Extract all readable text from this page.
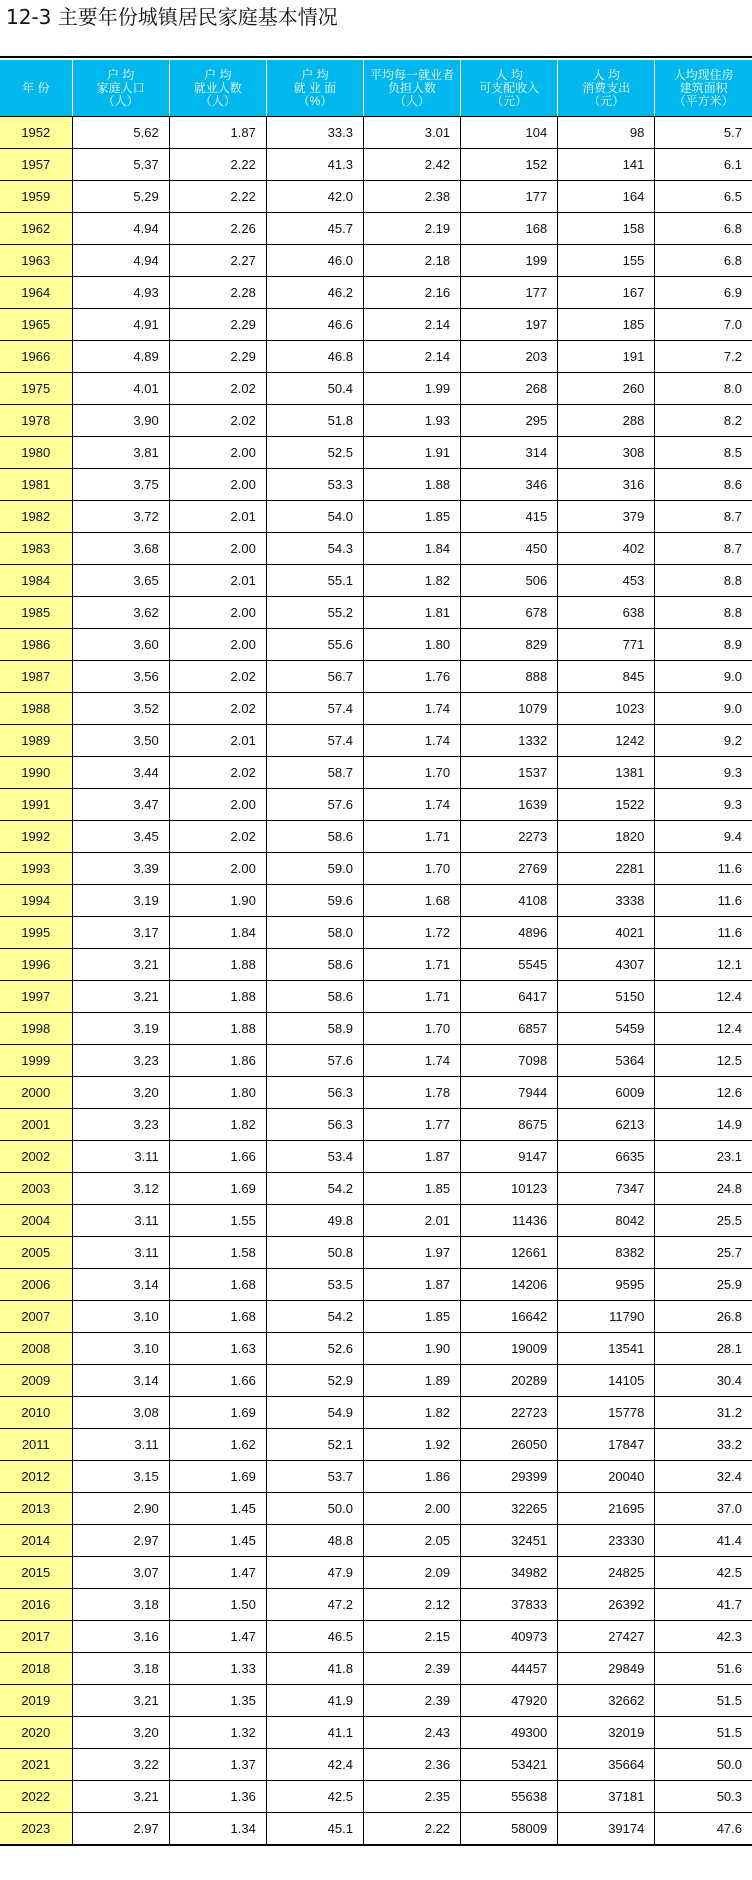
12-3 主要年份城镇居民家庭基本情况
年 份	户 均
家庭人口
（人）	户 均
就业人数
（人）	户 均
就 业 面
（%）	平均每一就业者
负担人数
（人）	人 均
可支配收入
（元）	人 均
消费支出
（元）	人均现住房
建筑面积
（平方米）
1952	5.62	1.87	33.3	3.01	104	98	5.7
1957	5.37	2.22	41.3	2.42	152	141	6.1
1959	5.29	2.22	42.0	2.38	177	164	6.5
1962	4.94	2.26	45.7	2.19	168	158	6.8
1963	4.94	2.27	46.0	2.18	199	155	6.8
1964	4.93	2.28	46.2	2.16	177	167	6.9
1965	4.91	2.29	46.6	2.14	197	185	7.0
1966	4.89	2.29	46.8	2.14	203	191	7.2
1975	4.01	2.02	50.4	1.99	268	260	8.0
1978	3.90	2.02	51.8	1.93	295	288	8.2
1980	3.81	2.00	52.5	1.91	314	308	8.5
1981	3.75	2.00	53.3	1.88	346	316	8.6
1982	3.72	2.01	54.0	1.85	415	379	8.7
1983	3.68	2.00	54.3	1.84	450	402	8.7
1984	3.65	2.01	55.1	1.82	506	453	8.8
1985	3.62	2.00	55.2	1.81	678	638	8.8
1986	3.60	2.00	55.6	1.80	829	771	8.9
1987	3.56	2.02	56.7	1.76	888	845	9.0
1988	3.52	2.02	57.4	1.74	1079	1023	9.0
1989	3.50	2.01	57.4	1.74	1332	1242	9.2
1990	3.44	2.02	58.7	1.70	1537	1381	9.3
1991	3.47	2.00	57.6	1.74	1639	1522	9.3
1992	3.45	2.02	58.6	1.71	2273	1820	9.4
1993	3.39	2.00	59.0	1.70	2769	2281	11.6
1994	3.19	1.90	59.6	1.68	4108	3338	11.6
1995	3.17	1.84	58.0	1.72	4896	4021	11.6
1996	3.21	1.88	58.6	1.71	5545	4307	12.1
1997	3.21	1.88	58.6	1.71	6417	5150	12.4
1998	3.19	1.88	58.9	1.70	6857	5459	12.4
1999	3.23	1.86	57.6	1.74	7098	5364	12.5
2000	3.20	1.80	56.3	1.78	7944	6009	12.6
2001	3.23	1.82	56.3	1.77	8675	6213	14.9
2002	3.11	1.66	53.4	1.87	9147	6635	23.1
2003	3.12	1.69	54.2	1.85	10123	7347	24.8
2004	3.11	1.55	49.8	2.01	11436	8042	25.5
2005	3.11	1.58	50.8	1.97	12661	8382	25.7
2006	3.14	1.68	53.5	1.87	14206	9595	25.9
2007	3.10	1.68	54.2	1.85	16642	11790	26.8
2008	3.10	1.63	52.6	1.90	19009	13541	28.1
2009	3.14	1.66	52.9	1.89	20289	14105	30.4
2010	3.08	1.69	54.9	1.82	22723	15778	31.2
2011	3.11	1.62	52.1	1.92	26050	17847	33.2
2012	3.15	1.69	53.7	1.86	29399	20040	32.4
2013	2.90	1.45	50.0	2.00	32265	21695	37.0
2014	2.97	1.45	48.8	2.05	32451	23330	41.4
2015	3.07	1.47	47.9	2.09	34982	24825	42.5
2016	3.18	1.50	47.2	2.12	37833	26392	41.7
2017	3.16	1.47	46.5	2.15	40973	27427	42.3
2018	3.18	1.33	41.8	2.39	44457	29849	51.6
2019	3.21	1.35	41.9	2.39	47920	32662	51.5
2020	3.20	1.32	41.1	2.43	49300	32019	51.5
2021	3.22	1.37	42.4	2.36	53421	35664	50.0
2022	3.21	1.36	42.5	2.35	55638	37181	50.3
2023	2.97	1.34	45.1	2.22	58009	39174	47.6
